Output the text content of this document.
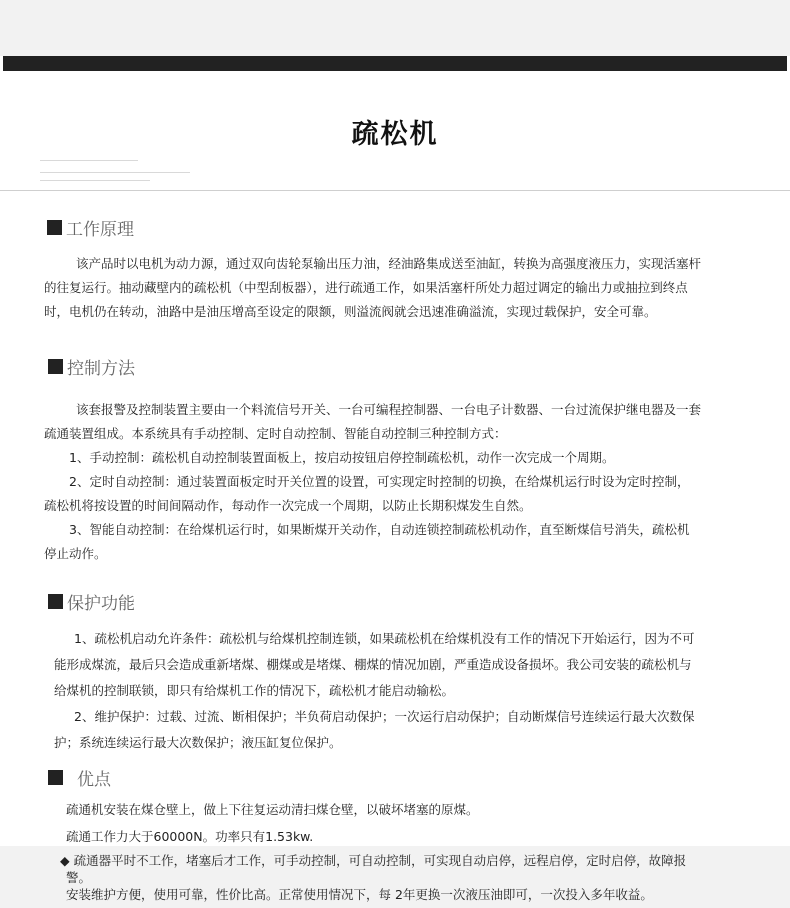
疏松机
工作原理
该产品时以电机为动力源，通过双向齿轮泵输出压力油，经油路集成送至油缸，转换为高强度液压力，实现活塞杆
的往复运行。抽动藏壁内的疏松机（中型刮板器），进行疏通工作，如果活塞杆所处力超过调定的输出力或抽拉到终点
时，电机仍在转动，油路中是油压增高至设定的限额，则溢流阀就会迅速准确溢流，实现过载保护，安全可靠。
控制方法
该套报警及控制装置主要由一个料流信号开关、一台可编程控制器、一台电子计数器、一台过流保护继电器及一套
疏通装置组成。本系统具有手动控制、定时自动控制、智能自动控制三种控制方式：
1、手动控制：疏松机自动控制装置面板上，按启动按钮启停控制疏松机，动作一次完成一个周期。
2、定时自动控制：通过装置面板定时开关位置的设置，可实现定时控制的切换，在给煤机运行时设为定时控制，
疏松机将按设置的时间间隔动作，每动作一次完成一个周期，以防止长期积煤发生自然。
3、智能自动控制：在给煤机运行时，如果断煤开关动作，自动连锁控制疏松机动作，直至断煤信号消失，疏松机
停止动作。
保护功能
1、疏松机启动允许条件：疏松机与给煤机控制连锁，如果疏松机在给煤机没有工作的情况下开始运行，因为不可
能形成煤流，最后只会造成重新堵煤、棚煤或是堵煤、棚煤的情况加剧，严重造成设备损坏。我公司安装的疏松机与
给煤机的控制联锁，即只有给煤机工作的情况下，疏松机才能启动输松。
2、维护保护：过载、过流、断相保护；半负荷启动保护；一次运行启动保护；自动断煤信号连续运行最大次数保
护；系统连续运行最大次数保护；液压缸复位保护。
优点
疏通机安装在煤仓壁上，做上下往复运动清扫煤仓壁，以破坏堵塞的原煤。
疏通工作力大于60000N。功率只有1.53kw.
◆ 疏通器平时不工作，堵塞后才工作，可手动控制，可自动控制，可实现自动启停，远程启停，定时启停，故障报
警。
安装维护方便，使用可靠，性价比高。正常使用情况下，每 2年更换一次液压油即可，一次投入多年收益。
